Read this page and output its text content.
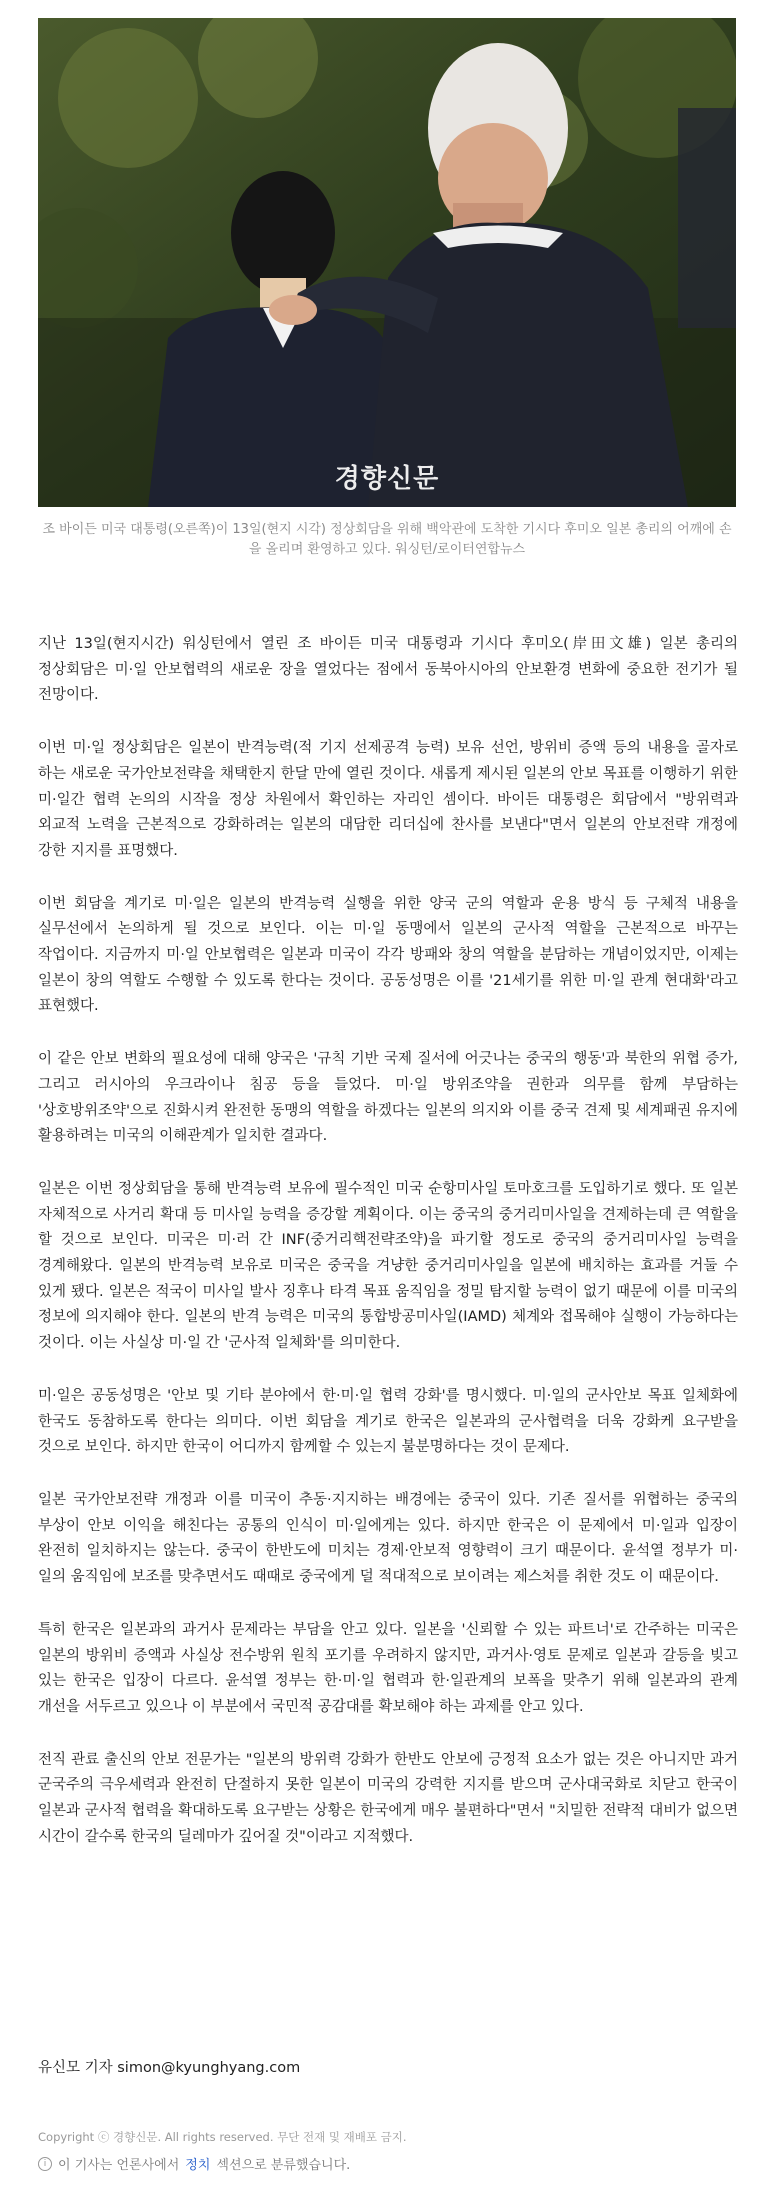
경향신문
조 바이든 미국 대통령(오른쪽)이 13일(현지 시각) 정상회담을 위해 백악관에 도착한 기시다 후미오 일본 총리의 어깨에 손을 올리며 환영하고 있다. 워싱턴/로이터연합뉴스

지난 13일(현지시간) 워싱턴에서 열린 조 바이든 미국 대통령과 기시다 후미오(岸田文雄) 일본 총리의 정상회담은 미·일 안보협력의 새로운 장을 열었다는 점에서 동북아시아의 안보환경 변화에 중요한 전기가 될 전망이다.

이번 미·일 정상회담은 일본이 반격능력(적 기지 선제공격 능력) 보유 선언, 방위비 증액 등의 내용을 골자로 하는 새로운 국가안보전략을 채택한지 한달 만에 열린 것이다. 새롭게 제시된 일본의 안보 목표를 이행하기 위한 미·일간 협력 논의의 시작을 정상 차원에서 확인하는 자리인 셈이다. 바이든 대통령은 회담에서 "방위력과 외교적 노력을 근본적으로 강화하려는 일본의 대담한 리더십에 찬사를 보낸다"면서 일본의 안보전략 개정에 강한 지지를 표명했다.

이번 회담을 계기로 미·일은 일본의 반격능력 실행을 위한 양국 군의 역할과 운용 방식 등 구체적 내용을 실무선에서 논의하게 될 것으로 보인다. 이는 미·일 동맹에서 일본의 군사적 역할을 근본적으로 바꾸는 작업이다. 지금까지 미·일 안보협력은 일본과 미국이 각각 방패와 창의 역할을 분담하는 개념이었지만, 이제는 일본이 창의 역할도 수행할 수 있도록 한다는 것이다. 공동성명은 이를 '21세기를 위한 미·일 관계 현대화'라고 표현했다.

이 같은 안보 변화의 필요성에 대해 양국은 '규칙 기반 국제 질서에 어긋나는 중국의 행동'과 북한의 위협 증가, 그리고 러시아의 우크라이나 침공 등을 들었다. 미·일 방위조약을 권한과 의무를 함께 부담하는 '상호방위조약'으로 진화시켜 완전한 동맹의 역할을 하겠다는 일본의 의지와 이를 중국 견제 및 세계패권 유지에 활용하려는 미국의 이해관계가 일치한 결과다.

일본은 이번 정상회담을 통해 반격능력 보유에 필수적인 미국 순항미사일 토마호크를 도입하기로 했다. 또 일본 자체적으로 사거리 확대 등 미사일 능력을 증강할 계획이다. 이는 중국의 중거리미사일을 견제하는데 큰 역할을 할 것으로 보인다. 미국은 미·러 간 INF(중거리핵전략조약)을 파기할 정도로 중국의 중거리미사일 능력을 경계해왔다. 일본의 반격능력 보유로 미국은 중국을 겨냥한 중거리미사일을 일본에 배치하는 효과를 거둘 수 있게 됐다. 일본은 적국이 미사일 발사 징후나 타격 목표 움직임을 정밀 탐지할 능력이 없기 때문에 이를 미국의 정보에 의지해야 한다. 일본의 반격 능력은 미국의 통합방공미사일(IAMD) 체계와 접목해야 실행이 가능하다는 것이다. 이는 사실상 미·일 간 '군사적 일체화'를 의미한다.

미·일은 공동성명은 '안보 및 기타 분야에서 한·미·일 협력 강화'를 명시했다. 미·일의 군사안보 목표 일체화에 한국도 동참하도록 한다는 의미다. 이번 회담을 계기로 한국은 일본과의 군사협력을 더욱 강화케 요구받을 것으로 보인다. 하지만 한국이 어디까지 함께할 수 있는지 불분명하다는 것이 문제다.

일본 국가안보전략 개정과 이를 미국이 추동·지지하는 배경에는 중국이 있다. 기존 질서를 위협하는 중국의 부상이 안보 이익을 해친다는 공통의 인식이 미·일에게는 있다. 하지만 한국은 이 문제에서 미·일과 입장이 완전히 일치하지는 않는다. 중국이 한반도에 미치는 경제·안보적 영향력이 크기 때문이다. 윤석열 정부가 미·일의 움직임에 보조를 맞추면서도 때때로 중국에게 덜 적대적으로 보이려는 제스처를 취한 것도 이 때문이다.

특히 한국은 일본과의 과거사 문제라는 부담을 안고 있다. 일본을 '신뢰할 수 있는 파트너'로 간주하는 미국은 일본의 방위비 증액과 사실상 전수방위 원칙 포기를 우려하지 않지만, 과거사·영토 문제로 일본과 갈등을 빚고 있는 한국은 입장이 다르다. 윤석열 정부는 한·미·일 협력과 한·일관계의 보폭을 맞추기 위해 일본과의 관계 개선을 서두르고 있으나 이 부분에서 국민적 공감대를 확보해야 하는 과제를 안고 있다.

전직 관료 출신의 안보 전문가는 "일본의 방위력 강화가 한반도 안보에 긍정적 요소가 없는 것은 아니지만 과거 군국주의 극우세력과 완전히 단절하지 못한 일본이 미국의 강력한 지지를 받으며 군사대국화로 치닫고 한국이 일본과 군사적 협력을 확대하도록 요구받는 상황은 한국에게 매우 불편하다"면서 "치밀한 전략적 대비가 없으면 시간이 갈수록 한국의 딜레마가 깊어질 것"이라고 지적했다.

유신모 기자 simon@kyunghyang.com
Copyright ⓒ 경향신문. All rights reserved. 무단 전재 및 재배포 금지.
i 이 기사는 언론사에서 정치 섹션으로 분류했습니다.
